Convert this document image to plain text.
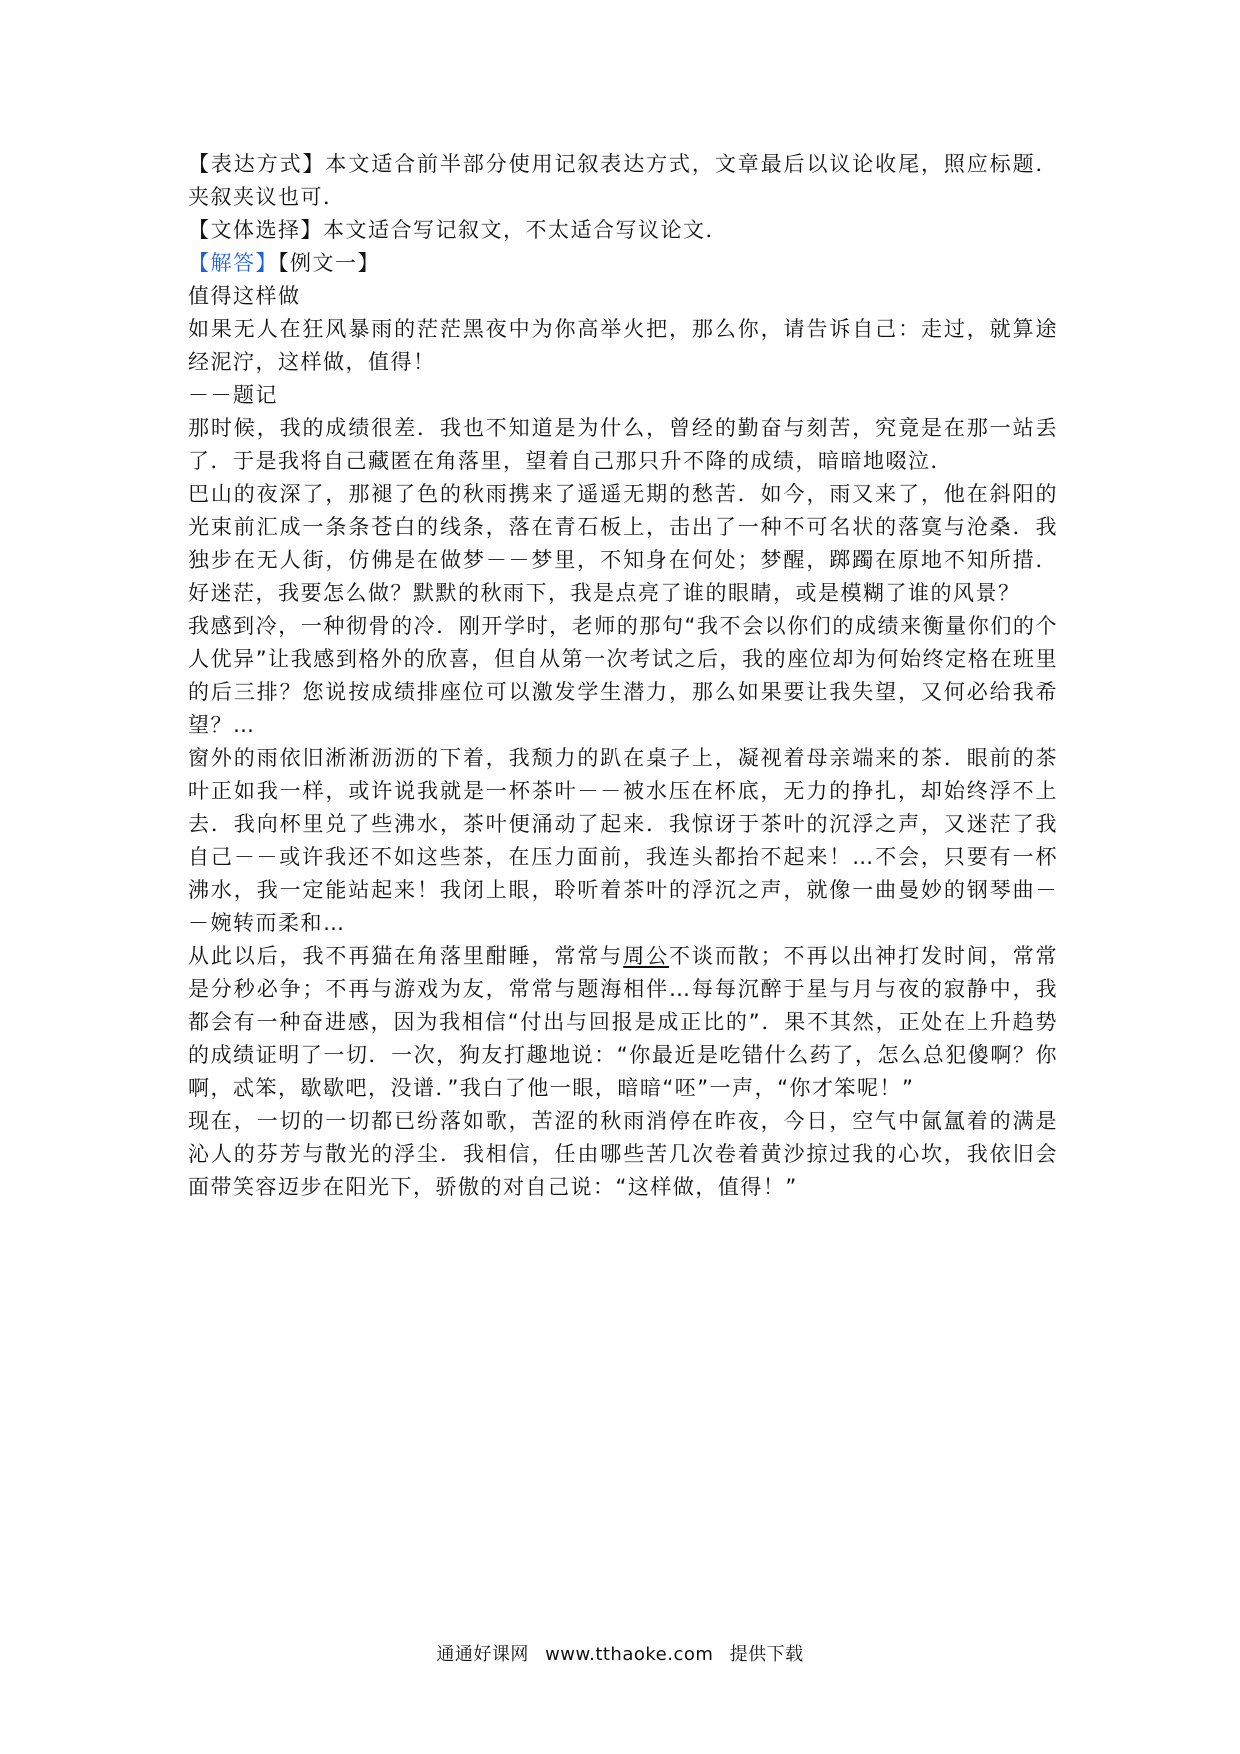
【表达方式】本文适合前半部分使用记叙表达方式，文章最后以议论收尾，照应标题．夹叙夹议也可．

【文体选择】本文适合写记叙文，不太适合写议论文．

【解答】【例文一】

值得这样做

如果无人在狂风暴雨的茫茫黑夜中为你高举火把，那么你，请告诉自己：走过，就算途经泥泞，这样做，值得！

－－题记

那时候，我的成绩很差．我也不知道是为什么，曾经的勤奋与刻苦，究竟是在那一站丢了．于是我将自己藏匿在角落里，望着自己那只升不降的成绩，暗暗地啜泣．

巴山的夜深了，那褪了色的秋雨携来了遥遥无期的愁苦．如今，雨又来了，他在斜阳的光束前汇成一条条苍白的线条，落在青石板上，击出了一种不可名状的落寞与沧桑．我独步在无人街，仿佛是在做梦－－梦里，不知身在何处；梦醒，踯躅在原地不知所措．好迷茫，我要怎么做？默默的秋雨下，我是点亮了谁的眼睛，或是模糊了谁的风景？

我感到冷，一种彻骨的冷．刚开学时，老师的那句“我不会以你们的成绩来衡量你们的个人优异”让我感到格外的欣喜，但自从第一次考试之后，我的座位却为何始终定格在班里的后三排？您说按成绩排座位可以激发学生潜力，那么如果要让我失望，又何必给我希望？…

窗外的雨依旧淅淅沥沥的下着，我颓力的趴在桌子上，凝视着母亲端来的茶．眼前的茶叶正如我一样，或许说我就是一杯茶叶－－被水压在杯底，无力的挣扎，却始终浮不上去．我向杯里兑了些沸水，茶叶便涌动了起来．我惊讶于茶叶的沉浮之声，又迷茫了我自己－－或许我还不如这些茶，在压力面前，我连头都抬不起来！…不会，只要有一杯沸水，我一定能站起来！我闭上眼，聆听着茶叶的浮沉之声，就像一曲曼妙的钢琴曲－－婉转而柔和…

从此以后，我不再猫在角落里酣睡，常常与周公不谈而散；不再以出神打发时间，常常是分秒必争；不再与游戏为友，常常与题海相伴…每每沉醉于星与月与夜的寂静中，我都会有一种奋进感，因为我相信“付出与回报是成正比的”．果不其然，正处在上升趋势的成绩证明了一切．一次，狗友打趣地说：“你最近是吃错什么药了，怎么总犯傻啊？你啊，忒笨，歇歇吧，没谱．”我白了他一眼，暗暗“呸”一声，“你才笨呢！”

现在，一切的一切都已纷落如歌，苦涩的秋雨消停在昨夜，今日，空气中氤氲着的满是沁人的芬芳与散光的浮尘．我相信，任由哪些苦几次卷着黄沙掠过我的心坎，我依旧会面带笑容迈步在阳光下，骄傲的对自己说：“这样做，值得！”

通通好课网 www.tthaoke.com 提供下载
